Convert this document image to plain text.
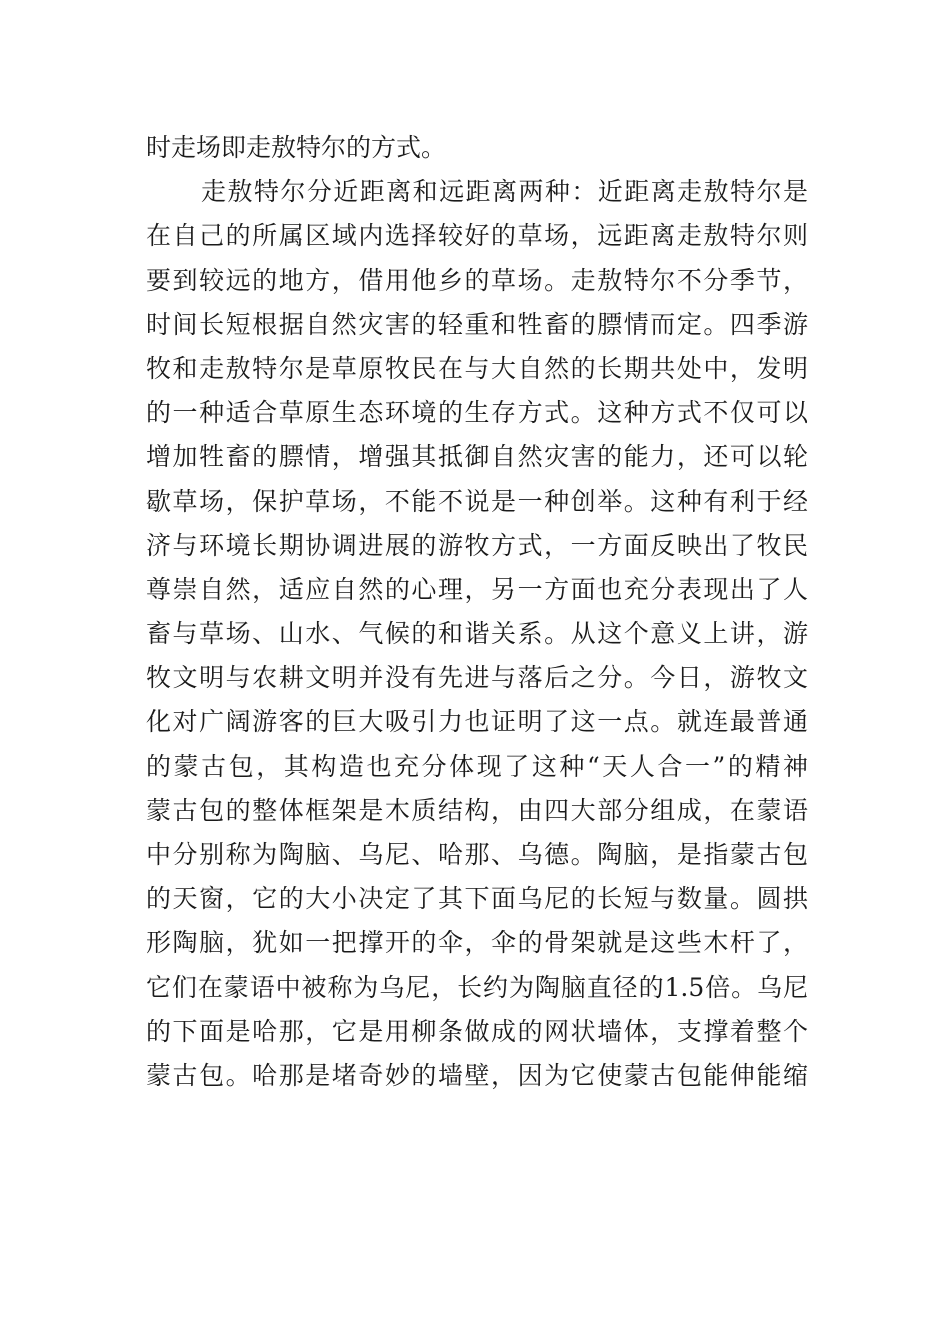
时走场即走敖特尔的方式。
走敖特尔分近距离和远距离两种：近距离走敖特尔是
在自己的所属区域内选择较好的草场，远距离走敖特尔则
要到较远的地方，借用他乡的草场。走敖特尔不分季节，
时间长短根据自然灾害的轻重和牲畜的膘情而定。四季游
牧和走敖特尔是草原牧民在与大自然的长期共处中，发明
的一种适合草原生态环境的生存方式。这种方式不仅可以
增加牲畜的膘情，增强其抵御自然灾害的能力，还可以轮
歇草场，保护草场，不能不说是一种创举。这种有利于经
济与环境长期协调进展的游牧方式，一方面反映出了牧民
尊崇自然，适应自然的心理，另一方面也充分表现出了人
畜与草场、山水、气候的和谐关系。从这个意义上讲，游
牧文明与农耕文明并没有先进与落后之分。今日，游牧文
化对广阔游客的巨大吸引力也证明了这一点。就连最普通
的蒙古包，其构造也充分体现了这种“天人合一”的精神
蒙古包的整体框架是木质结构，由四大部分组成，在蒙语
中分别称为陶脑、乌尼、哈那、乌德。陶脑，是指蒙古包
的天窗，它的大小决定了其下面乌尼的长短与数量。圆拱
形陶脑，犹如一把撑开的伞，伞的骨架就是这些木杆了，
它们在蒙语中被称为乌尼，长约为陶脑直径的1.5倍。乌尼
的下面是哈那，它是用柳条做成的网状墙体，支撑着整个
蒙古包。哈那是堵奇妙的墙壁，因为它使蒙古包能伸能缩
